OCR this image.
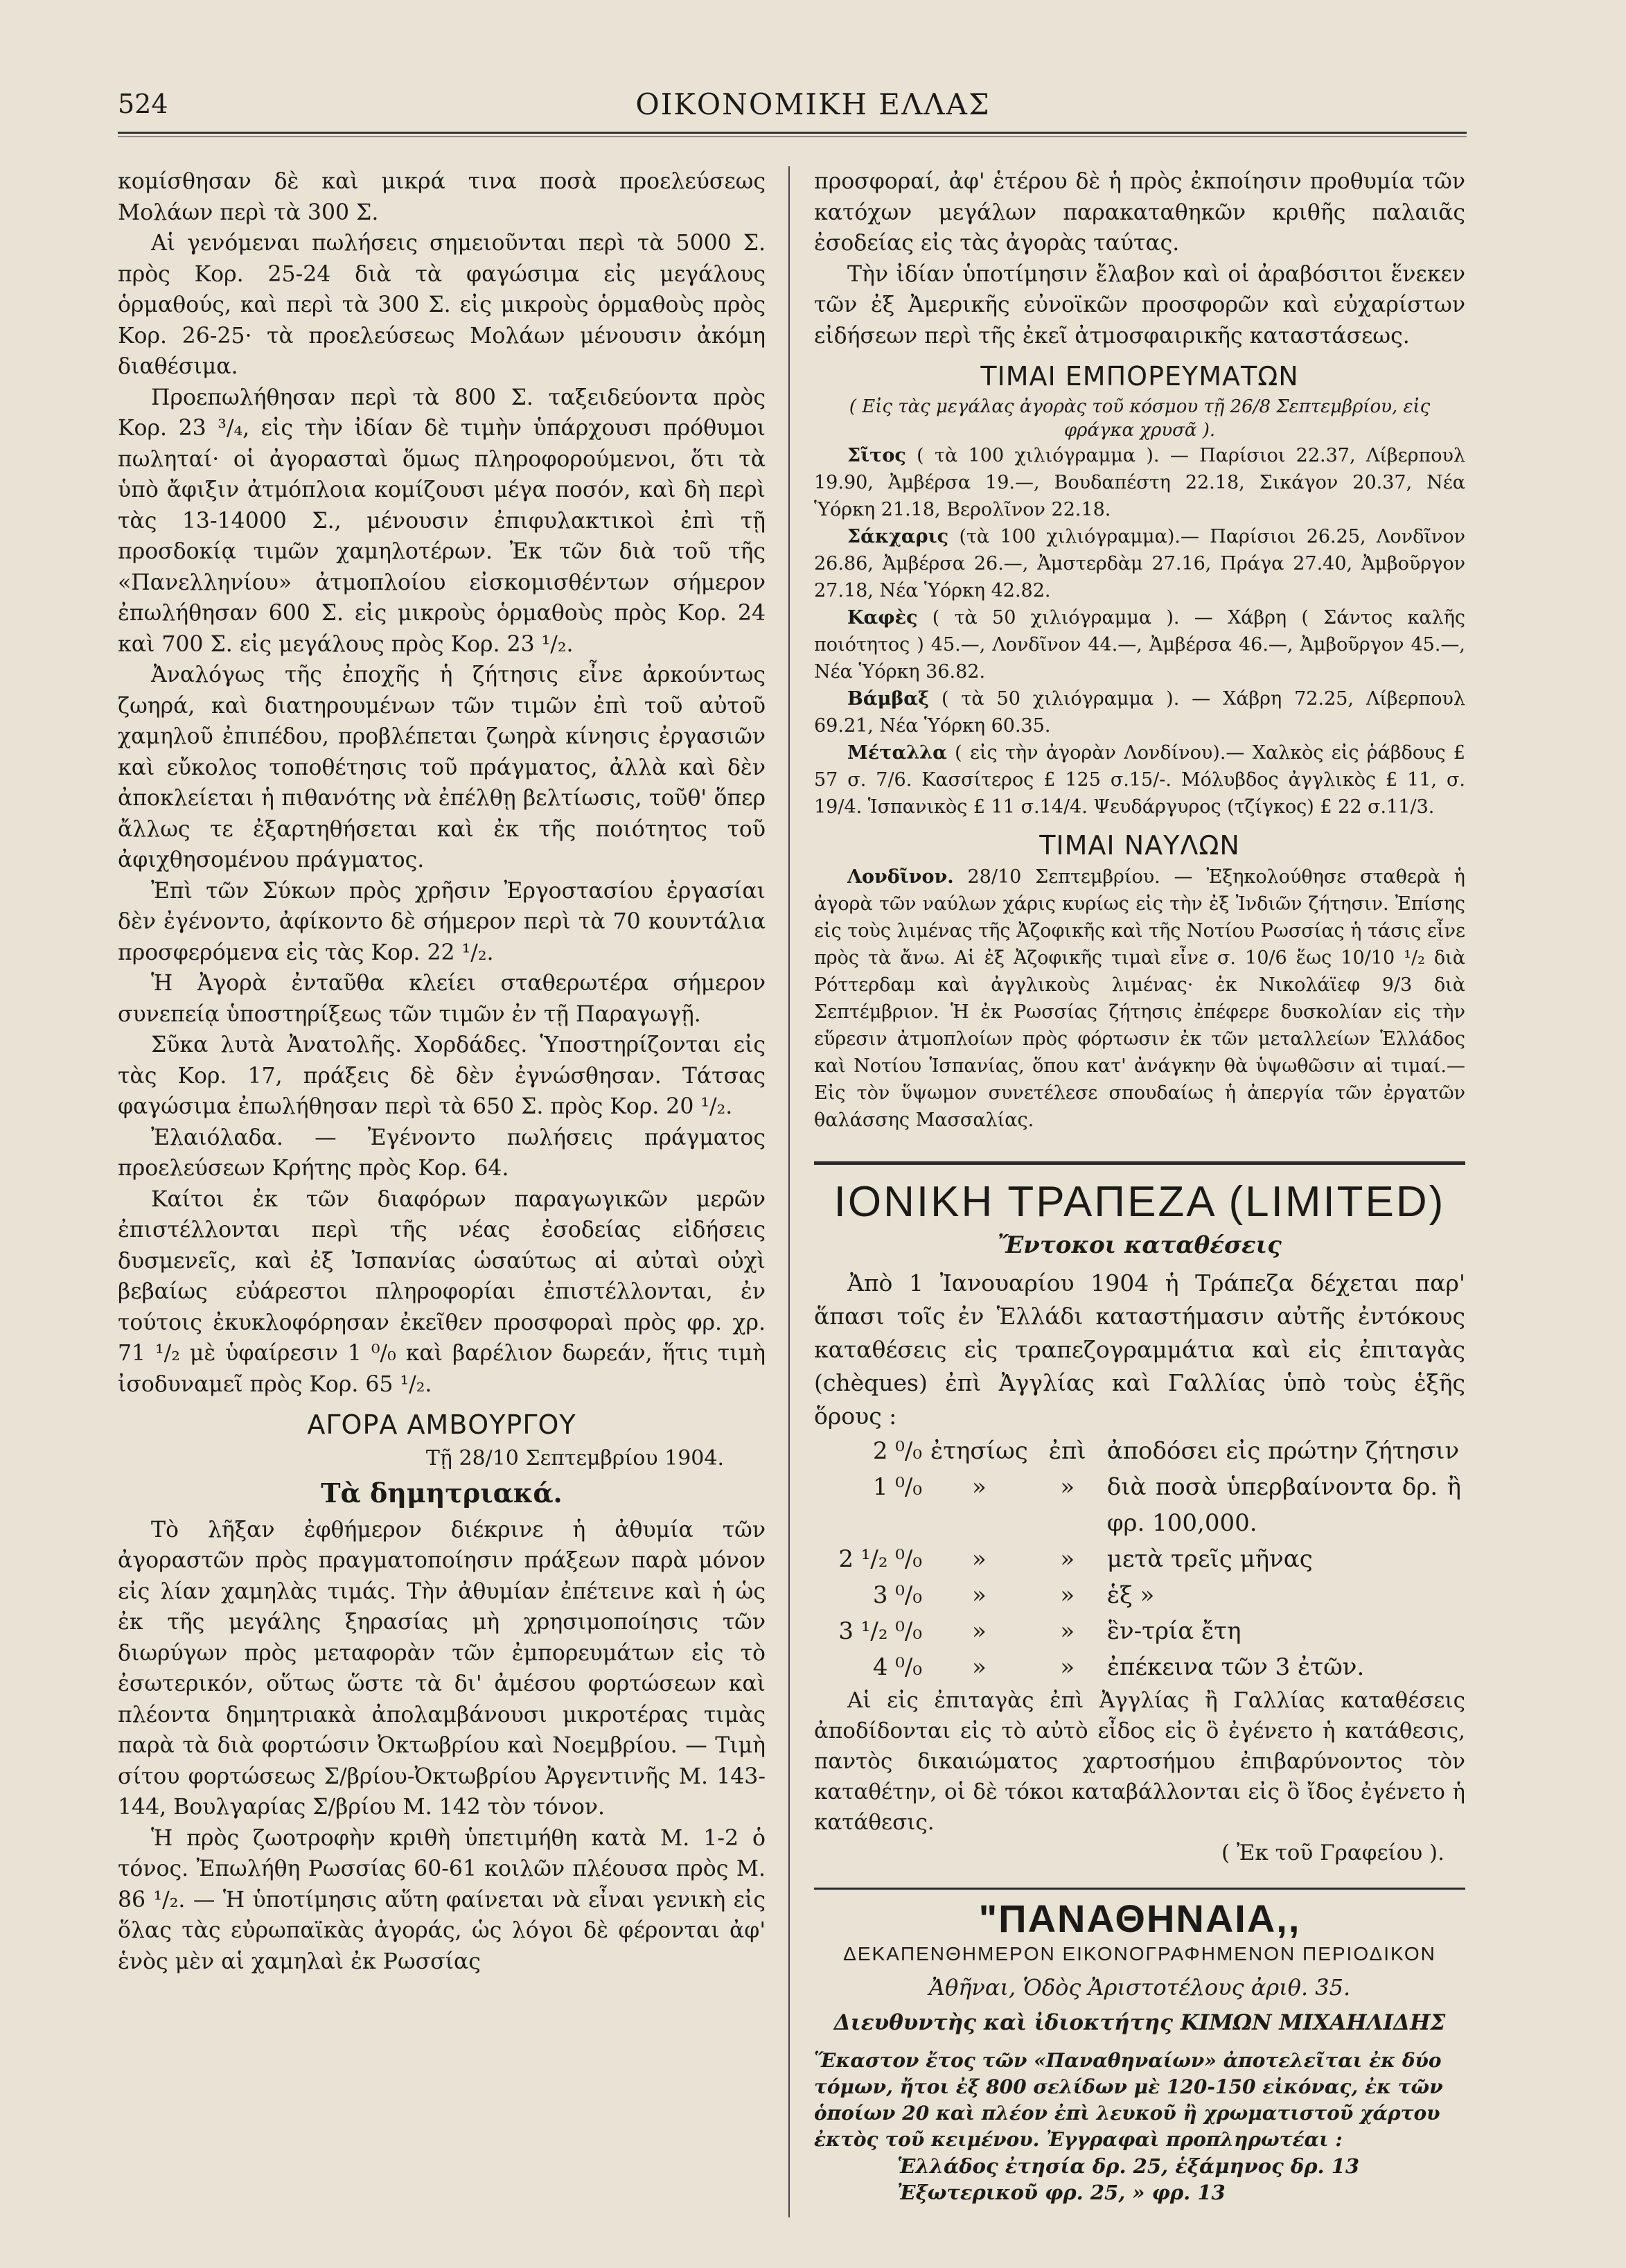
524	ΟΙΚΟΝΟΜΙΚΗ ΕΛΛΑΣ

κομίσθησαν δὲ καὶ μικρά τινα ποσὰ προελεύσεως Μολάων περὶ τὰ 300 Σ.

Αἱ γενόμεναι πωλήσεις σημειοῦνται περὶ τὰ 5000 Σ. πρὸς Κορ. 25-24 διὰ τὰ φαγώσιμα εἰς μεγάλους ὁρμαθούς, καὶ περὶ τὰ 300 Σ. εἰς μικροὺς ὁρμαθοὺς πρὸς Κορ. 26-25· τὰ προελεύσεως Μολάων μένουσιν ἀκόμη διαθέσιμα.

Προεπωλήθησαν περὶ τὰ 800 Σ. ταξειδεύοντα πρὸς Κορ. 23 ³/₄, εἰς τὴν ἰδίαν δὲ τιμὴν ὑπάρχουσι πρόθυμοι πωληταί· οἱ ἀγορασταὶ ὅμως πληροφορούμενοι, ὅτι τὰ ὑπὸ ἄφιξιν ἀτμόπλοια κομίζουσι μέγα ποσόν, καὶ δὴ περὶ τὰς 13-14000 Σ., μένουσιν ἐπιφυλακτικοὶ ἐπὶ τῇ προσδοκίᾳ τιμῶν χαμηλοτέρων. Ἐκ τῶν διὰ τοῦ τῆς «Πανελληνίου» ἀτμοπλοίου εἰσκομισθέντων σήμερον ἐπωλήθησαν 600 Σ. εἰς μικροὺς ὁρμαθοὺς πρὸς Κορ. 24 καὶ 700 Σ. εἰς μεγάλους πρὸς Κορ. 23 ¹/₂.

Ἀναλόγως τῆς ἐποχῆς ἡ ζήτησις εἶνε ἀρκούντως ζωηρά, καὶ διατηρουμένων τῶν τιμῶν ἐπὶ τοῦ αὐτοῦ χαμηλοῦ ἐπιπέδου, προβλέπεται ζωηρὰ κίνησις ἐργασιῶν καὶ εὔκολος τοποθέτησις τοῦ πράγματος, ἀλλὰ καὶ δὲν ἀποκλείεται ἡ πιθανότης νὰ ἐπέλθῃ βελτίωσις, τοῦθ' ὅπερ ἄλλως τε ἐξαρτηθήσεται καὶ ἐκ τῆς ποιότητος τοῦ ἀφιχθησομένου πράγματος.

Ἐπὶ τῶν Σύκων πρὸς χρῆσιν Ἐργοστασίου ἐργασίαι δὲν ἐγένοντο, ἀφίκοντο δὲ σήμερον περὶ τὰ 70 κουντάλια προσφερόμενα εἰς τὰς Κορ. 22 ¹/₂.

Ἡ Ἀγορὰ ἐνταῦθα κλείει σταθερωτέρα σήμερον συνεπείᾳ ὑποστηρίξεως τῶν τιμῶν ἐν τῇ Παραγωγῇ.

Σῦκα λυτὰ Ἀνατολῆς. Χορδάδες. Ὑποστηρίζονται εἰς τὰς Κορ. 17, πράξεις δὲ δὲν ἐγνώσθησαν. Τάτσας φαγώσιμα ἐπωλήθησαν περὶ τὰ 650 Σ. πρὸς Κορ. 20 ¹/₂.

Ἐλαιόλαδα. — Ἐγένοντο πωλήσεις πράγματος προελεύσεων Κρήτης πρὸς Κορ. 64.

Καίτοι ἐκ τῶν διαφόρων παραγωγικῶν μερῶν ἐπιστέλλονται περὶ τῆς νέας ἐσοδείας εἰδήσεις δυσμενεῖς, καὶ ἐξ Ἰσπανίας ὡσαύτως αἱ αὐταὶ οὐχὶ βεβαίως εὐάρεστοι πληροφορίαι ἐπιστέλλονται, ἐν τούτοις ἐκυκλοφόρησαν ἐκεῖθεν προσφοραὶ πρὸς φρ. χρ. 71 ¹/₂ μὲ ὑφαίρεσιν 1 ⁰/₀ καὶ βαρέλιον δωρεάν, ἥτις τιμὴ ἰσοδυναμεῖ πρὸς Κορ. 65 ¹/₂.

ΑΓΟΡΑ ΑΜΒΟΥΡΓΟΥ
Τῇ 28/10 Σεπτεμβρίου 1904.
Τὰ δημητριακά.

Τὸ λῆξαν ἐφθήμερον διέκρινε ἡ ἀθυμία τῶν ἀγοραστῶν πρὸς πραγματοποίησιν πράξεων παρὰ μόνον εἰς λίαν χαμηλὰς τιμάς. Τὴν ἀθυμίαν ἐπέτεινε καὶ ἡ ὡς ἐκ τῆς μεγάλης ξηρασίας μὴ χρησιμοποίησις τῶν διωρύγων πρὸς μεταφορὰν τῶν ἐμπορευμάτων εἰς τὸ ἐσωτερικόν, οὕτως ὥστε τὰ δι' ἀμέσου φορτώσεων καὶ πλέοντα δημητριακὰ ἀπολαμβάνουσι μικροτέρας τιμὰς παρὰ τὰ διὰ φορτώσιν Ὀκτωβρίου καὶ Νοεμβρίου. — Τιμὴ σίτου φορτώσεως Σ/βρίου-Ὀκτωβρίου Ἀργεντινῆς Μ. 143-144, Βουλγαρίας Σ/βρίου Μ. 142 τὸν τόνον.

Ἡ πρὸς ζωοτροφὴν κριθὴ ὑπετιμήθη κατὰ Μ. 1-2 ὁ τόνος. Ἐπωλήθη Ρωσσίας 60-61 κοιλῶν πλέουσα πρὸς Μ. 86 ¹/₂. — Ἡ ὑποτίμησις αὕτη φαίνεται νὰ εἶναι γενικὴ εἰς ὅλας τὰς εὐρωπαϊκὰς ἀγοράς, ὡς λόγοι δὲ φέρονται ἀφ' ἑνὸς μὲν αἱ χαμηλαὶ ἐκ Ρωσσίας

προσφοραί, ἀφ' ἑτέρου δὲ ἡ πρὸς ἐκποίησιν προθυμία τῶν κατόχων μεγάλων παρακαταθηκῶν κριθῆς παλαιᾶς ἐσοδείας εἰς τὰς ἀγορὰς ταύτας.

Τὴν ἰδίαν ὑποτίμησιν ἔλαβον καὶ οἱ ἀραβόσιτοι ἕνεκεν τῶν ἐξ Ἀμερικῆς εὐνοϊκῶν προσφορῶν καὶ εὐχαρίστων εἰδήσεων περὶ τῆς ἐκεῖ ἀτμοσφαιρικῆς καταστάσεως.

ΤΙΜΑΙ ΕΜΠΟΡΕΥΜΑΤΩΝ
( Εἰς τὰς μεγάλας ἀγορὰς τοῦ κόσμου τῇ 26/8 Σεπτεμβρίου, εἰς φράγκα χρυσᾶ ).

Σῖτος ( τὰ 100 χιλιόγραμμα ). — Παρίσιοι 22.37, Λίβερπουλ 19.90, Ἀμβέρσα 19.—, Βουδαπέστη 22.18, Σικάγον 20.37, Νέα Ὑόρκη 21.18, Βερολῖνον 22.18.

Σάκχαρις (τὰ 100 χιλιόγραμμα).— Παρίσιοι 26.25, Λονδῖνον 26.86, Ἀμβέρσα 26.—, Ἀμστερδὰμ 27.16, Πράγα 27.40, Ἀμβοῦργον 27.18, Νέα Ὑόρκη 42.82.

Καφὲς ( τὰ 50 χιλιόγραμμα ). — Χάβρη ( Σάντος καλῆς ποιότητος ) 45.—, Λονδῖνον 44.—, Ἀμβέρσα 46.—, Ἀμβοῦργον 45.—, Νέα Ὑόρκη 36.82.

Βάμβαξ ( τὰ 50 χιλιόγραμμα ). — Χάβρη 72.25, Λίβερπουλ 69.21, Νέα Ὑόρκη 60.35.

Μέταλλα ( εἰς τὴν ἀγορὰν Λονδίνου).— Χαλκὸς εἰς ῥάβδους £ 57 σ. 7/6. Κασσίτερος £ 125 σ.15/-. Μόλυβδος ἀγγλικὸς £ 11, σ. 19/4. Ἱσπανικὸς £ 11 σ.14/4. Ψευδάργυρος (τζίγκος) £ 22 σ.11/3.

ΤΙΜΑΙ ΝΑΥΛΩΝ

Λονδῖνον. 28/10 Σεπτεμβρίου. — Ἐξηκολούθησε σταθερὰ ἡ ἀγορὰ τῶν ναύλων χάρις κυρίως εἰς τὴν ἐξ Ἰνδιῶν ζήτησιν. Ἐπίσης εἰς τοὺς λιμένας τῆς Ἀζοφικῆς καὶ τῆς Νοτίου Ρωσσίας ἡ τάσις εἶνε πρὸς τὰ ἄνω. Αἱ ἐξ Ἀζοφικῆς τιμαὶ εἶνε σ. 10/6 ἕως 10/10 ¹/₂ διὰ Ρόττερδαμ καὶ ἀγγλικοὺς λιμένας· ἐκ Νικολάϊεφ 9/3 διὰ Σεπτέμβριον. Ἡ ἐκ Ρωσσίας ζήτησις ἐπέφερε δυσκολίαν εἰς τὴν εὕρεσιν ἀτμοπλοίων πρὸς φόρτωσιν ἐκ τῶν μεταλλείων Ἑλλάδος καὶ Νοτίου Ἱσπανίας, ὅπου κατ' ἀνάγκην θὰ ὑψωθῶσιν αἱ τιμαί.— Εἰς τὸν ὕψωμον συνετέλεσε σπουδαίως ἡ ἀπεργία τῶν ἐργατῶν θαλάσσης Μασσαλίας.

ΙΟΝΙΚΗ ΤΡΑΠΕΖΑ (LIMITED)
Ἔντοκοι καταθέσεις

Ἀπὸ 1 Ἰανουαρίου 1904 ἡ Τράπεζα δέχεται παρ' ἅπασι τοῖς ἐν Ἑλλάδι καταστήμασιν αὐτῆς ἐντόκους καταθέσεις εἰς τραπεζογραμμάτια καὶ εἰς ἐπιταγὰς (chèques) ἐπὶ Ἀγγλίας καὶ Γαλλίας ὑπὸ τοὺς ἑξῆς ὅρους :

2 ⁰/₀	ἐτησίως	ἐπὶ	ἀποδόσει εἰς πρώτην ζήτησιν
1 ⁰/₀	»	»	διὰ ποσὰ ὑπερβαίνοντα δρ. ἢ φρ. 100,000.
2 ¹/₂ ⁰/₀	»	»	μετὰ τρεῖς μῆνας
3 ⁰/₀	»	»	ἑξ »
3 ¹/₂ ⁰/₀	»	»	ἓν-τρία ἔτη
4 ⁰/₀	»	»	ἐπέκεινα τῶν 3 ἐτῶν.

Αἱ εἰς ἐπιταγὰς ἐπὶ Ἀγγλίας ἢ Γαλλίας καταθέσεις ἀποδίδονται εἰς τὸ αὐτὸ εἶδος εἰς ὃ ἐγένετο ἡ κατάθεσις, παντὸς δικαιώματος χαρτοσήμου ἐπιβαρύνοντος τὸν καταθέτην, οἱ δὲ τόκοι καταβάλλονται εἰς ὃ ἴδος ἐγένετο ἡ κατάθεσις.

( Ἐκ τοῦ Γραφείου ).
"ΠΑΝΑΘΗΝΑΙΑ,,
ΔΕΚΑΠΕΝΘΗΜΕΡΟΝ ΕΙΚΟΝΟΓΡΑΦΗΜΕΝΟΝ ΠΕΡΙΟΔΙΚΟΝ
Ἀθῆναι, Ὁδὸς Ἀριστοτέλους ἀριθ. 35.
Διευθυντὴς καὶ ἰδιοκτήτης ΚΙΜΩΝ ΜΙΧΑΗΛΙΔΗΣ
Ἕκαστον ἔτος τῶν «Παναθηναίων» ἀποτελεῖται ἐκ δύο τόμων, ἤτοι ἐξ 800 σελίδων μὲ 120-150 εἰκόνας, ἐκ τῶν ὁποίων 20 καὶ πλέον ἐπὶ λευκοῦ ἢ χρωματιστοῦ χάρτου ἐκτὸς τοῦ κειμένου. Ἐγγραφαὶ προπληρωτέαι :
Ἑλλάδος ἐτησία δρ. 25, ἑξάμηνος δρ. 13
Ἐξωτερικοῦ φρ. 25, » φρ. 13
